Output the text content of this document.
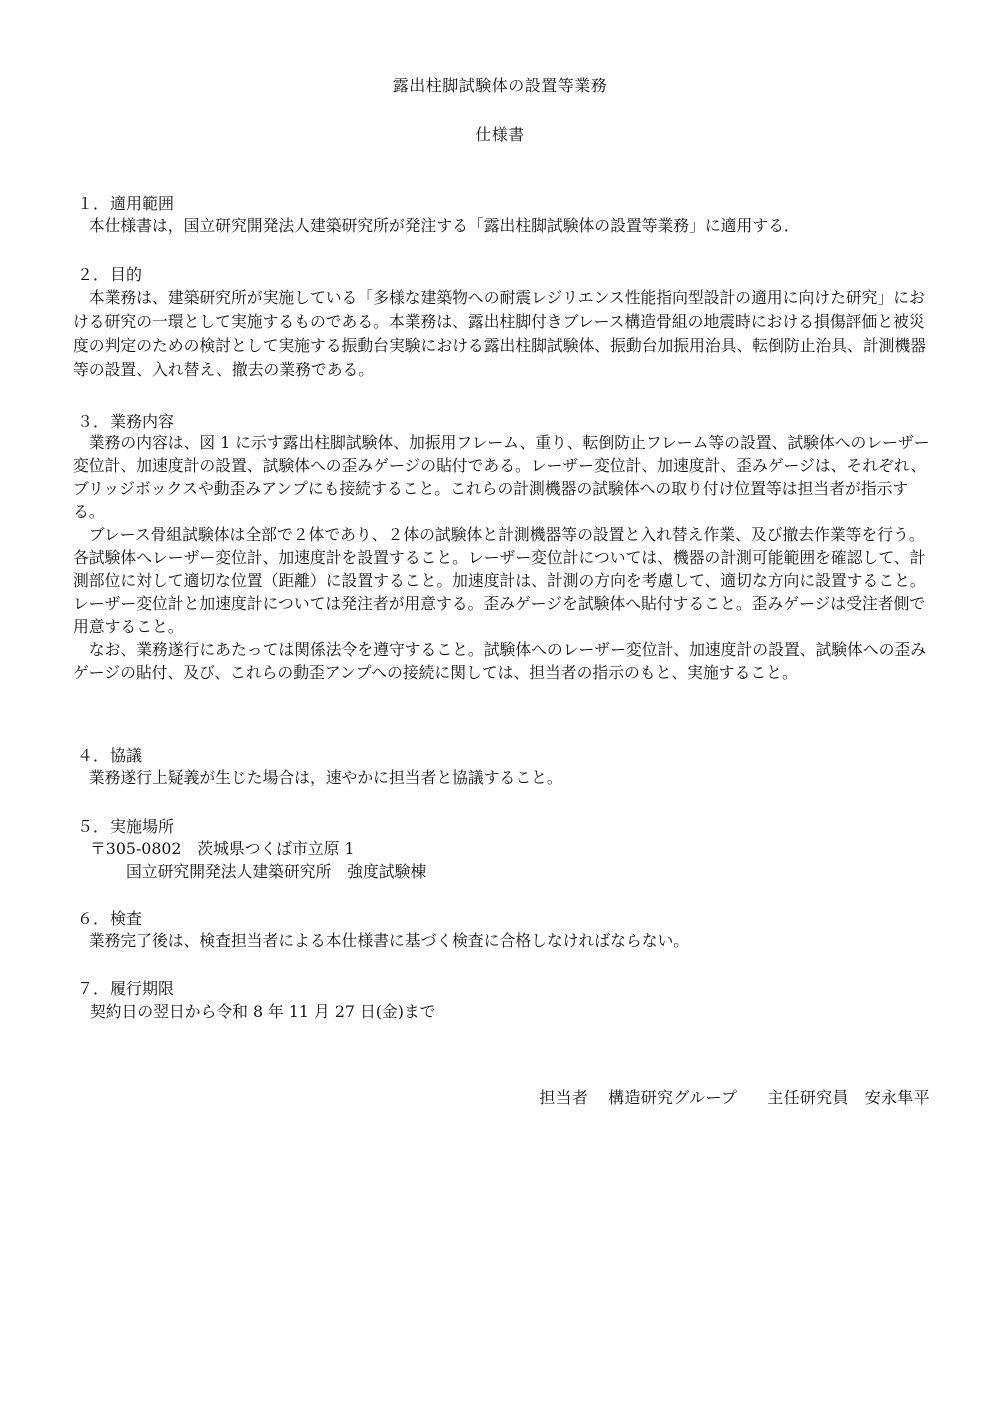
露出柱脚試験体の設置等業務
仕様書
１．適用範囲

本仕様書は，国立研究開発法人建築研究所が発注する「露出柱脚試験体の設置等業務」に適用する．

２．目的

本業務は、建築研究所が実施している「多様な建築物への耐震レジリエンス性能指向型設計の適用に向けた研究」における研究の一環として実施するものである。本業務は、露出柱脚付きブレース構造骨組の地震時における損傷評価と被災度の判定のための検討として実施する振動台実験における露出柱脚試験体、振動台加振用治具、転倒防止治具、計測機器等の設置、入れ替え、撤去の業務である。

３．業務内容

業務の内容は、図 1 に示す露出柱脚試験体、加振用フレーム、重り、転倒防止フレーム等の設置、試験体へのレーザー変位計、加速度計の設置、試験体への歪みゲージの貼付である。レーザー変位計、加速度計、歪みゲージは、それぞれ、ブリッジボックスや動歪みアンプにも接続すること。これらの計測機器の試験体への取り付け位置等は担当者が指示する。

ブレース骨組試験体は全部で２体であり、２体の試験体と計測機器等の設置と入れ替え作業、及び撤去作業等を行う。各試験体へレーザー変位計、加速度計を設置すること。レーザー変位計については、機器の計測可能範囲を確認して、計測部位に対して適切な位置（距離）に設置すること。加速度計は、計測の方向を考慮して、適切な方向に設置すること。レーザー変位計と加速度計については発注者が用意する。歪みゲージを試験体へ貼付すること。歪みゲージは受注者側で用意すること。

なお、業務遂行にあたっては関係法令を遵守すること。試験体へのレーザー変位計、加速度計の設置、試験体への歪みゲージの貼付、及び、これらの動歪アンプへの接続に関しては、担当者の指示のもと、実施すること。

４．協議

業務遂行上疑義が生じた場合は，速やかに担当者と協議すること。

５．実施場所
〒305-0802　茨城県つくば市立原 1
国立研究開発法人建築研究所　強度試験棟
６．検査

業務完了後は、検査担当者による本仕様書に基づく検査に合格しなければならない。

７．履行期限
契約日の翌日から令和 8 年 11 月 27 日(金)まで
担当者 構造研究グループ 主任研究員 安永隼平
